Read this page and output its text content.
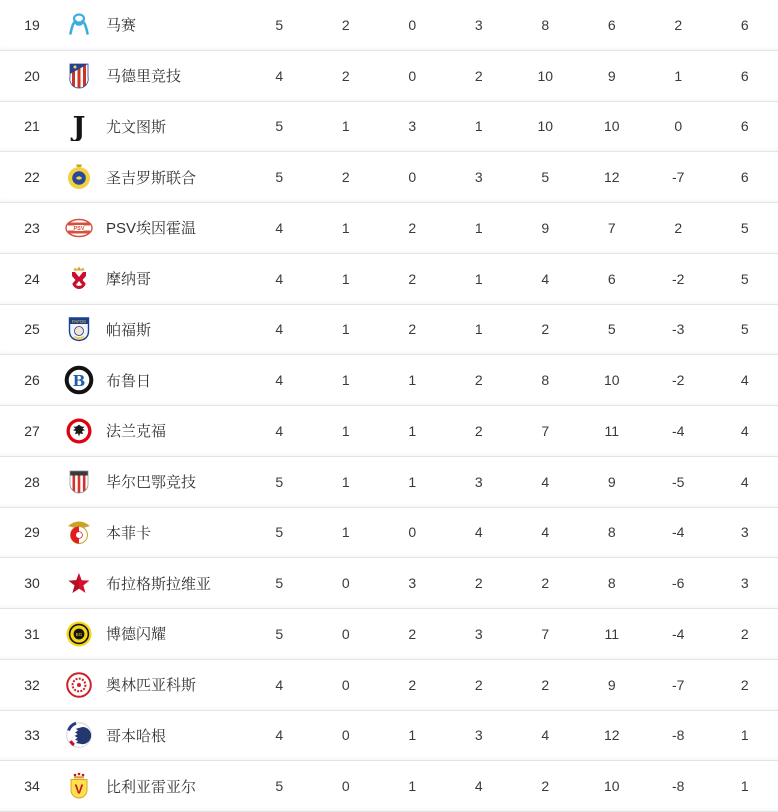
19	马赛	5	2	0	3	8	6	2	6
20	马德里竞技	4	2	0	2	10	9	1	6
21	J 尤文图斯	5	1	3	1	10	10	0	6
22	圣吉罗斯联合	5	2	0	3	5	12	-7	6
23	PSV PSV埃因霍温	4	1	2	1	9	7	2	5
24	摩纳哥	4	1	2	1	4	6	-2	5
25	PAFOS 帕福斯	4	1	2	1	2	5	-3	5
26	B 布鲁日	4	1	1	2	8	10	-2	4
27	法兰克福	4	1	1	2	7	11	-4	4
28	毕尔巴鄂竞技	5	1	1	3	4	9	-5	4
29	本菲卡	5	1	0	4	4	8	-4	3
30	布拉格斯拉维亚	5	0	3	2	2	8	-6	3
31	BG 博德闪耀	5	0	2	3	7	11	-4	2
32	奥林匹亚科斯	4	0	2	2	2	9	-7	2
33	哥本哈根	4	0	1	3	4	12	-8	1
34	V 比利亚雷亚尔	5	0	1	4	2	10	-8	1
